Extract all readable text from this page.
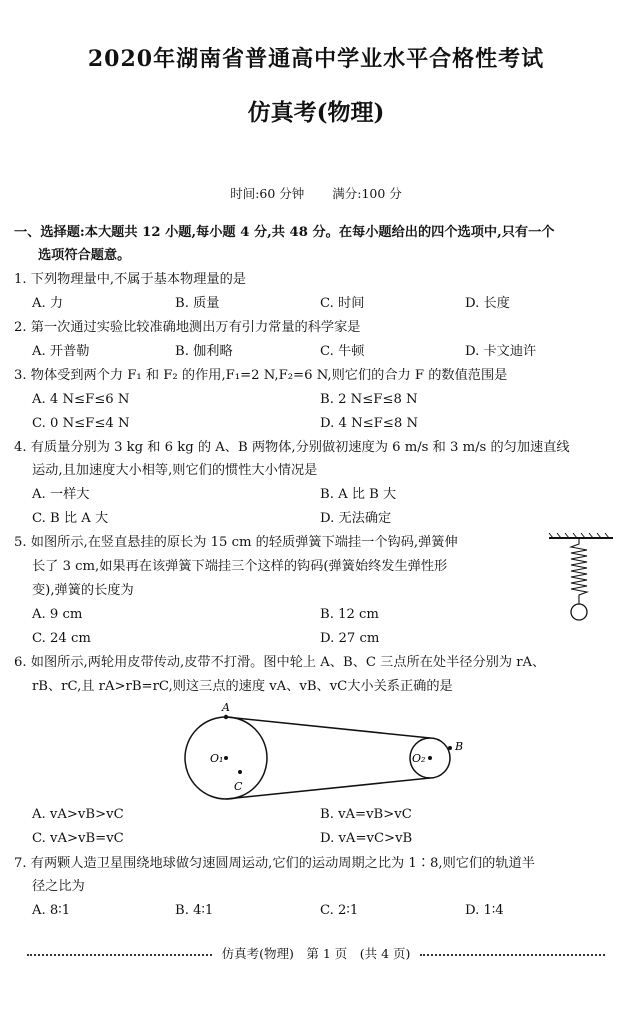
2020年湖南省普通高中学业水平合格性考试
仿真考(物理)
时间:60 分钟 满分:100 分
一、选择题:本大题共 12 小题,每小题 4 分,共 48 分。在每小题给出的四个选项中,只有一个
选项符合题意。
1. 下列物理量中,不属于基本物理量的是
A. 力	B. 质量	C. 时间	D. 长度
2. 第一次通过实验比较准确地测出万有引力常量的科学家是
A. 开普勒	B. 伽利略	C. 牛顿	D. 卡文迪许
3. 物体受到两个力 F₁ 和 F₂ 的作用,F₁=2 N,F₂=6 N,则它们的合力 F 的数值范围是
A. 4 N≤F≤6 N	B. 2 N≤F≤8 N
C. 0 N≤F≤4 N	D. 4 N≤F≤8 N
4. 有质量分别为 3 kg 和 6 kg 的 A、B 两物体,分别做初速度为 6 m/s 和 3 m/s 的匀加速直线
运动,且加速度大小相等,则它们的惯性大小情况是
A. 一样大	B. A 比 B 大
C. B 比 A 大	D. 无法确定
5. 如图所示,在竖直悬挂的原长为 15 cm 的轻质弹簧下端挂一个钩码,弹簧伸
长了 3 cm,如果再在该弹簧下端挂三个这样的钩码(弹簧始终发生弹性形
变),弹簧的长度为
A. 9 cm	B. 12 cm
C. 24 cm	D. 27 cm
6. 如图所示,两轮用皮带传动,皮带不打滑。图中轮上 A、B、C 三点所在处半径分别为 rA、
rB、rC,且 rA>rB=rC,则这三点的速度 vA、vB、vC大小关系正确的是
A
O₁
C
O₂
B
A. vA>vB>vC	B. vA=vB>vC
C. vA>vB=vC	D. vA=vC>vB
7. 有两颗人造卫星围绕地球做匀速圆周运动,它们的运动周期之比为 1∶8,则它们的轨道半
径之比为
A. 8∶1	B. 4∶1	C. 2∶1	D. 1∶4
仿真考(物理)　第 1 页　(共 4 页)
